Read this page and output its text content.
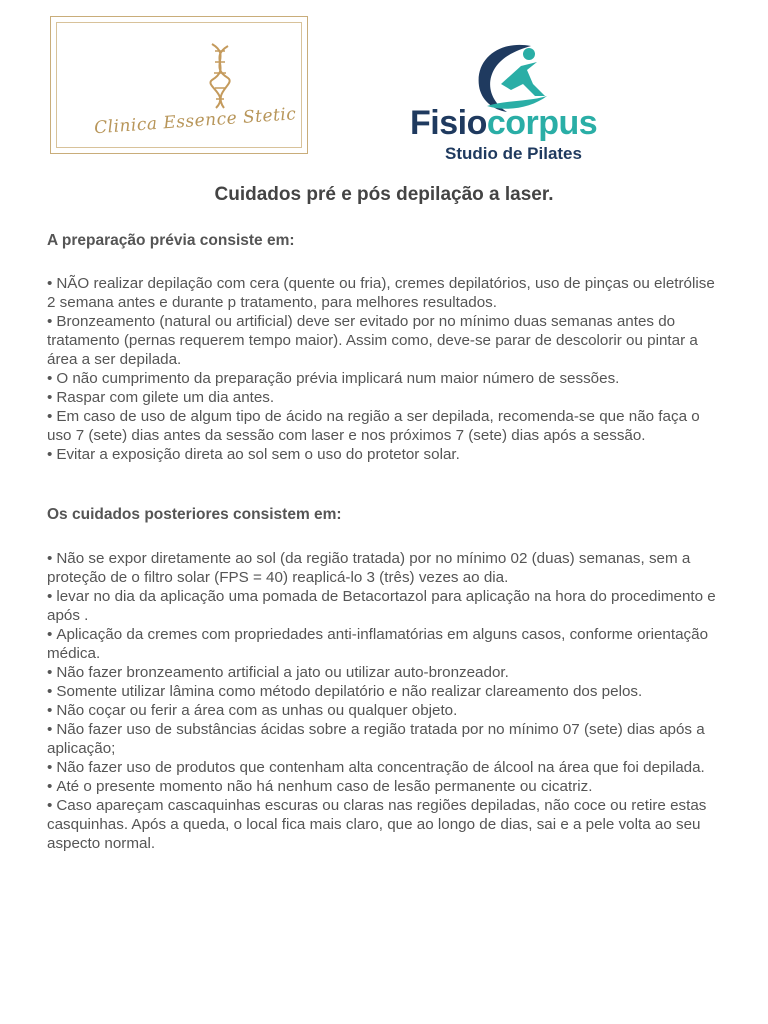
Clinica Essence Stetic	Fisiocorpus
Studio de Pilates
Cuidados pré e pós depilação a laser.
A preparação prévia consiste em:
• NÃO realizar depilação com cera (quente ou fria), cremes depilatórios, uso de pinças ou eletrólise 2 semana antes e durante p tratamento, para melhores resultados.
• Bronzeamento (natural ou artificial) deve ser evitado por no mínimo duas semanas antes do tratamento (pernas requerem tempo maior). Assim como, deve-se parar de descolorir ou pintar a área a ser depilada.
• O não cumprimento da preparação prévia implicará num maior número de sessões.
• Raspar com gilete um dia antes.
• Em caso de uso de algum tipo de ácido na região a ser depilada, recomenda-se que não faça o uso 7 (sete) dias antes da sessão com laser e nos próximos 7 (sete) dias após a sessão.
• Evitar a exposição direta ao sol sem o uso do protetor solar.
Os cuidados posteriores consistem em:
• Não se expor diretamente ao sol (da região tratada) por no mínimo 02 (duas) semanas, sem a proteção de o filtro solar (FPS = 40) reaplicá-lo 3 (três) vezes ao dia.
• levar no dia da aplicação uma pomada de Betacortazol para aplicação na hora do procedimento e após .
• Aplicação da cremes com propriedades anti-inflamatórias em alguns casos, conforme orientação médica.
• Não fazer bronzeamento artificial a jato ou utilizar auto-bronzeador.
• Somente utilizar lâmina como método depilatório e não realizar clareamento dos pelos.
• Não coçar ou ferir a área com as unhas ou qualquer objeto.
• Não fazer uso de substâncias ácidas sobre a região tratada por no mínimo 07 (sete) dias após a aplicação;
• Não fazer uso de produtos que contenham alta concentração de álcool na área que foi depilada.
• Até o presente momento não há nenhum caso de lesão permanente ou cicatriz.
• Caso apareçam cascaquinhas escuras ou claras nas regiões depiladas, não coce ou retire estas casquinhas. Após a queda, o local fica mais claro, que ao longo de dias, sai e a pele volta ao seu aspecto normal.
